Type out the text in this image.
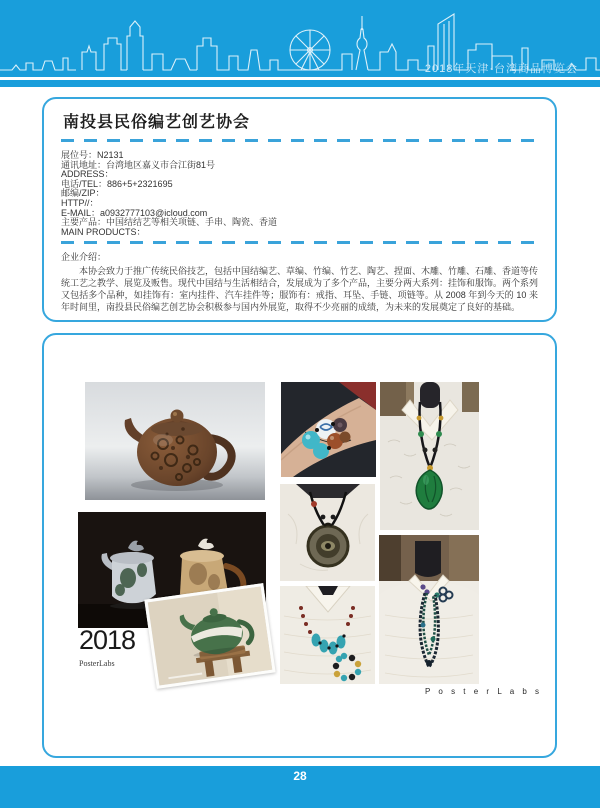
2018年天津·台湾商品博览会
南投县民俗编艺创艺协会
展位号：N2131
通讯地址：台湾地区嘉义市合江街81号
ADDRESS：
电话/TEL：886+5+2321695
邮编/ZIP：
HTTP//：
E-MAIL：a0932777103@icloud.com
主要产品：中国结结艺等相关项链、手串、陶瓷、香道
MAIN PRODUCTS：
企业介绍：
本协会致力于推广传统民俗技艺，包括中国结编艺、草编、竹编、竹艺、陶艺、捏面、木雕、竹雕、石雕、香道等传统工艺之教学、展览及贩售。现代中国结与生活相结合，发展成为了多个产品，主要分两大系列：挂饰和服饰。两个系列又包括多个品种，如挂饰有：室内挂件、汽车挂件等；服饰有：戒指、耳坠、手链、项链等。从 2008 年到今天的 10 来年时间里，南投县民俗编艺创艺协会积极参与国内外展览，取得不少亮丽的成绩，为未来的发展奠定了良好的基础。
2018
PosterLabs
P o s t e r L a b s
28
